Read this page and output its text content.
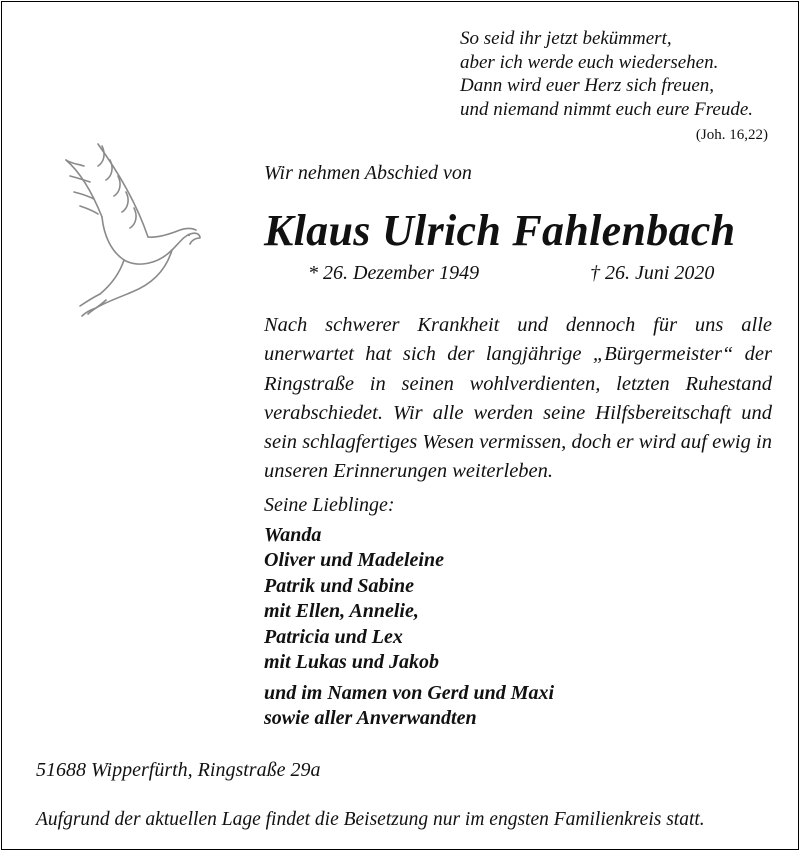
So seid ihr jetzt bekümmert,
aber ich werde euch wiedersehen.
Dann wird euer Herz sich freuen,
und niemand nimmt euch eure Freude.
(Joh. 16,22)
Wir nehmen Abschied von
Klaus Ulrich Fahlenbach
* 26. Dezember 1949	† 26. Juni 2020
Nach schwerer Krankheit und dennoch für uns alle unerwartet hat sich der langjährige „Bürgermeister“ der Ringstraße in seinen wohlverdienten, letzten Ruhestand verabschiedet. Wir alle werden seine Hilfsbereitschaft und sein schlagfertiges Wesen vermissen, doch er wird auf ewig in unseren Erinnerungen weiterleben.
Seine Lieblinge:
Wanda
Oliver und Madeleine
Patrik und Sabine
mit Ellen, Annelie,
Patricia und Lex
mit Lukas und Jakob
und im Namen von Gerd und Maxi
sowie aller Anverwandten
51688 Wipperfürth, Ringstraße 29a
Aufgrund der aktuellen Lage findet die Beisetzung nur im engsten Familienkreis statt.
